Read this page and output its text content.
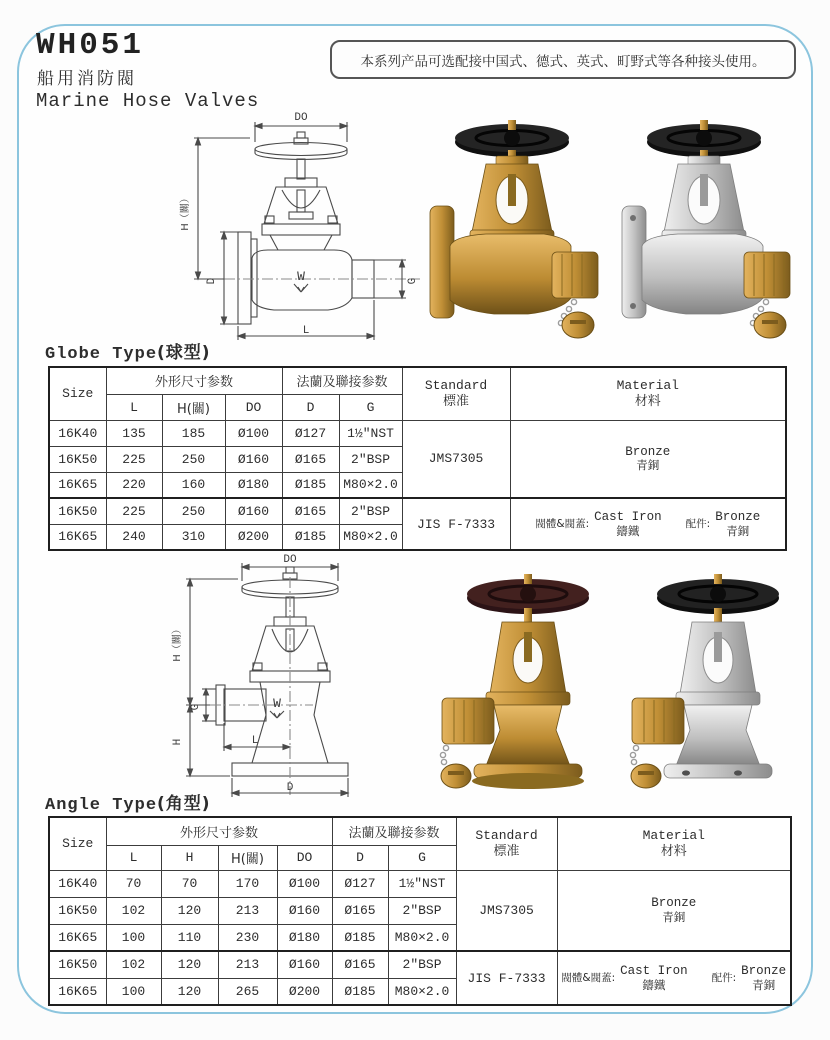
WH051
船用消防閥
Marine Hose Valves
本系列产品可选配接中国式、德式、英式、町野式等各种接头使用。
DO
H（關）
D	G
L
W
Globe Type(球型)
Size	外形尺寸参数			法蘭及聯接参数		Standard
標准	Material
材料

	L	H(關)	DO	D	G		
16K40	135	185	Ø100	Ø127	1½″NST	JMS7305	Bronze
青銅

16K50	225	250	Ø160	Ø165	2″BSP		
16K65	220	160	Ø180	Ø185	M80×2.0		
16K50	225	250	Ø160	Ø165	2″BSP	JIS F-7333	閥體&閥蓋:
Cast Iron
鑄鐵	配件:
Bronze
青銅

16K65	240	310	Ø200	Ø185	M80×2.0		
DO
H（關）
H
G
L
D
W
Angle Type(角型)
Size	外形尺寸参数				法蘭及聯接参数		Standard
標准	Material
材料

	L	H	H(關)	DO	D	G		
16K40	70	70	170	Ø100	Ø127	1½″NST	JMS7305	Bronze
青銅

16K50	102	120	213	Ø160	Ø165	2″BSP		
16K65	100	110	230	Ø180	Ø185	M80×2.0		
16K50	102	120	213	Ø160	Ø165	2″BSP	JIS F-7333	閥體&閥蓋:
Cast Iron
鑄鐵	配件:
Bronze
青銅

16K65	100	120	265	Ø200	Ø185	M80×2.0		
